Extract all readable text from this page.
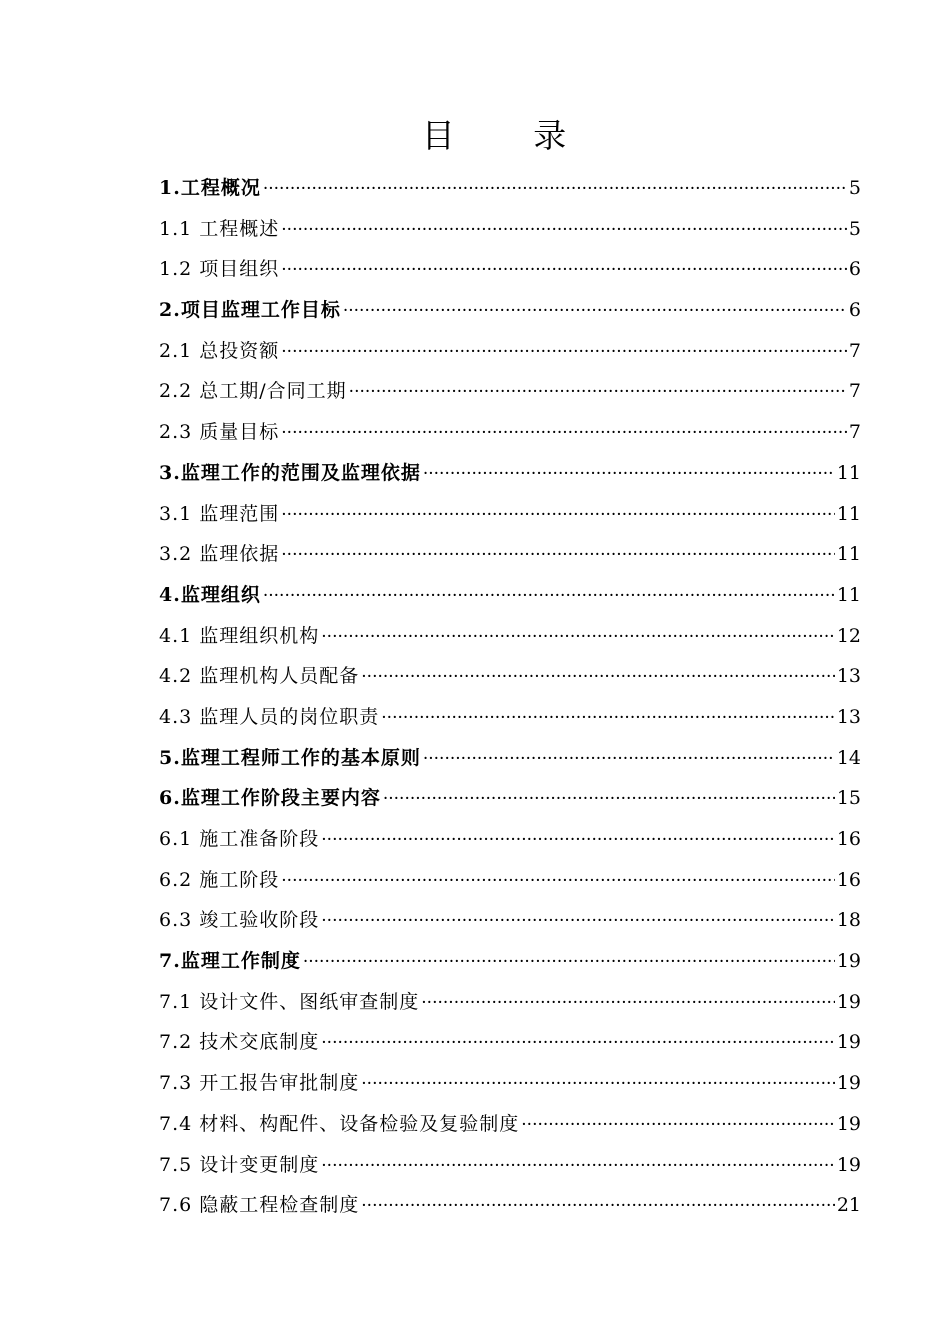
目 录
1.工程概况 ·····	5
1.1 工程概述 ·····	5
1.2 项目组织 ·····	6
2.项目监理工作目标 ·····	6
2.1 总投资额 ·····	7
2.2 总工期/合同工期 ·····	7
2.3 质量目标 ·····	7
3.监理工作的范围及监理依据 ·····	11
3.1 监理范围 ·····	11
3.2 监理依据 ·····	11
4.监理组织 ·····	11
4.1 监理组织机构 ·····	12
4.2 监理机构人员配备 ·····	13
4.3 监理人员的岗位职责 ·····	13
5.监理工程师工作的基本原则 ·····	14
6.监理工作阶段主要内容 ·····	15
6.1 施工准备阶段 ·····	16
6.2 施工阶段 ·····	16
6.3 竣工验收阶段 ·····	18
7.监理工作制度 ·····	19
7.1 设计文件、图纸审查制度 ·····	19
7.2 技术交底制度 ·····	19
7.3 开工报告审批制度 ·····	19
7.4 材料、构配件、设备检验及复验制度 ·····	19
7.5 设计变更制度 ·····	19
7.6 隐蔽工程检查制度 ·····	21
